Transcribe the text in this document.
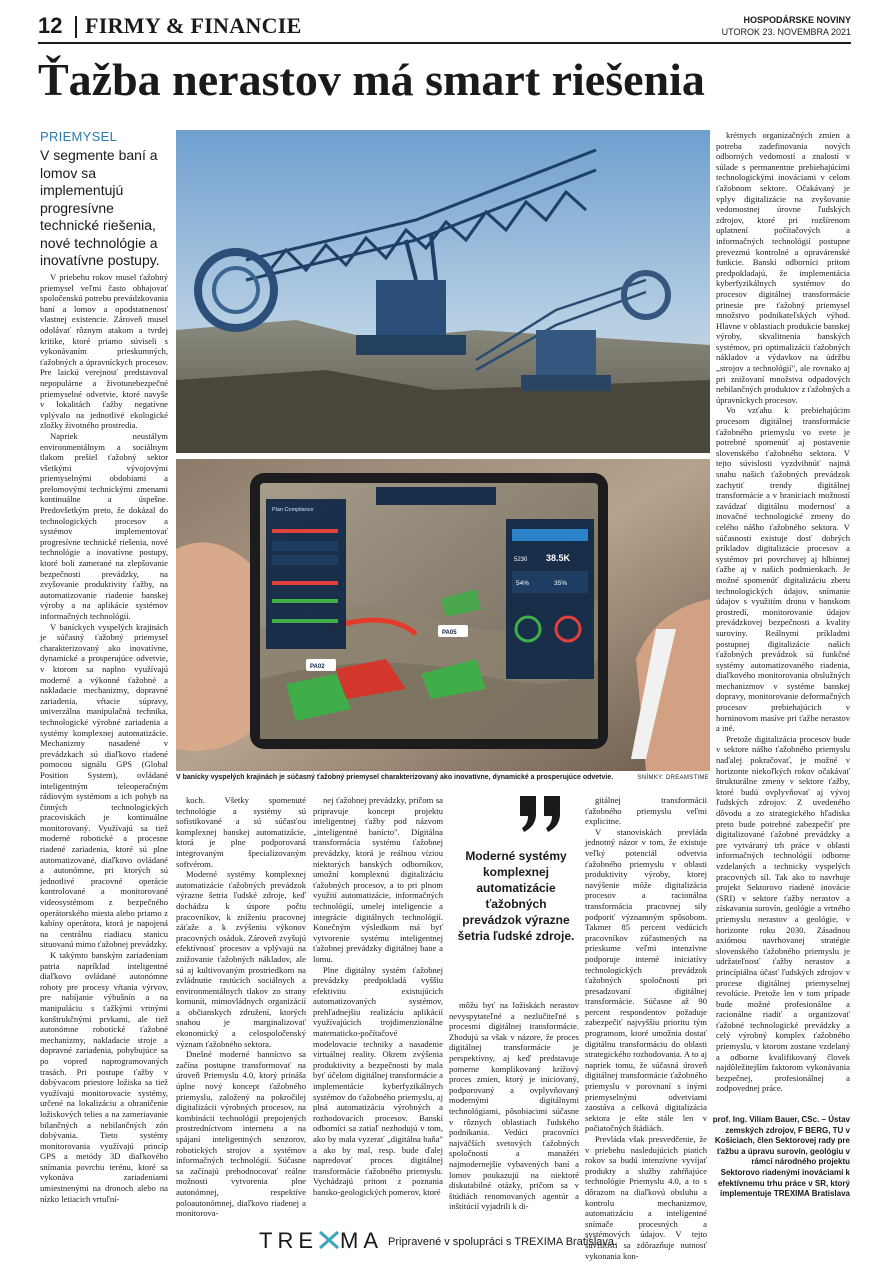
12 FIRMY & FINANCIE	HOSPODÁRSKE NOVINY
UTOROK 23. NOVEMBRA 2021
Ťažba nerastov má smart riešenia
PRIEMYSEL
V segmente baní a lomov sa implementujú progresívne technické riešenia, nové technológie a inovatívne postupy.

V priebehu rokov musel ťažobný priemysel veľmi často obhajovať spoločenskú potrebu prevádzkovania baní a lomov a opodstatnenosť vlastnej existencie. Zároveň musel odolávať rôznym atakom a tvrdej kritike, ktoré priamo súviseli s vykonávaním prieskumných, ťažobných a úpravníckych procesov. Pre laickú verejnosť predstavoval nepopulárne a životunebezpečné priemyselné odvetvie, ktoré navyše v lokalitách ťažby negatívne vplývalo na jednotlivé ekologické zložky životného prostredia.

Napriek neustálym environmentálnym a sociálnym tlakom prešiel ťažobný sektor všetkými vývojovými priemyselnými obdobiami a prelomovými technickými zmenami kontinuálne a úspešne. Predovšetkým preto, že dokázal do technologických procesov a systémov implementovať progresívne technické riešenia, nové technológie a inovatívne postupy, ktoré boli zamerané na zlepšovanie bezpečnosti prevádzky, na zvyšovanie produktivity ťažby, na automatizovanie riadenie banskej výroby a na aplikácie systémov informačných technológií.

V baníckych vyspelých krajinách je súčasný ťažobný priemysel charakterizovaný ako inovatívne, dynamické a prosperujúce odvetvie, v ktorom sa naplno využívajú moderné a výkonné ťažobné a nakladacie mechanizmy, dopravné zariadenia, vŕtacie súpravy, univerzálna manipulačná technika, technologické výrobné zariadenia a systémy komplexnej automatizácie. Mechanizmy nasadené v prevádzkach sú diaľkovo riadené pomocou signálu GPS (Global Position System), ovládané inteligentným teleoperačným rádiovým systémom a ich pohyb na činných technologických pracoviskách je kontinuálne monitorovaný. Využívajú sa tiež moderné robotické a procesne riadené zariadenia, ktoré sú plne automatizované, diaľkovo ovládané a autonómne, pri ktorých sú jednotlivé pracovné operácie kontrolované a monitorované videosystémom z bezpečného operátorského miesta alebo priamo z kabíny operátora, ktorá je napojená na centrálnu riadiacu stanicu situovanú mimo ťažobnej prevádzky.

K takýmto banským zariadeniam patria napríklad inteligentné diaľkovo ovládané autonómne roboty pre procesy vŕtania výrvov, pre nabíjanie výbušnín a na manipuláciu s ťažkými vrtnými konštrukčnými prvkami, ale tiež autonómne robotické ťažobné mechanizmy, nakladacie stroje a dopravné zariadenia, pohybujúce sa po vopred naprogramovaných trasách. Pri postupe ťažby v dobývacom priestore ložiska sa tiež využívajú monitorovacie systémy, určené na lokalizáciu a ohraničenie ložiskových telies a na zameriavanie bilančných a nebilančných zón dobývania. Tieto systémy monitorovania využívajú princíp GPS a metódy 3D diaľkového snímania povrchu terénu, ktoré sa vykonáva zariadeniami umiestnenými na dronoch alebo na nízko letiacich vrtuľní-

Plan Compliance
38.5K
5230
54%	35%
PA05
PA02
V banícky vyspelých krajinách je súčasný ťažobný priemysel charakterizovaný ako inovatívne, dynamické a prosperujúce odvetvie.	SNÍMKY: DREAMSTIME

koch. Všetky spomenuté technológie a systémy sú sofistikované a sú súčasťou komplexnej banskej automatizácie, ktorá je plne podporovaná integrovaným špecializovaným softvérom.

Moderné systémy komplexnej automatizácie ťažobných prevádzok výrazne šetria ľudské zdroje, keď dochádza k úspore počtu pracovníkov, k zníženiu pracovnej záťaže a k zvýšeniu výkonov pracovných osádok. Zároveň zvyšujú efektívnosť procesov a vplývajú na znižovanie ťažobných nákladov, ale sú aj kultivovaným prostriedkom na zvládnutie rastúcich sociálnych a environmentálnych tlakov zo strany komunít, mimovládnych organizácií a občianskych združení, ktorých snahou je marginalizovať ekonomický a celospoločenský význam ťažobného sektora.

Dnešné moderné banníctvo sa začína postupne transformovať na úroveň Priemyslu 4.0, ktorý prináša úplne nový koncept ťažobného priemyslu, založený na pokročilej digitalizácii výrobných procesov, na kombinácii technológií prepojených prostredníctvom internetu a na spájaní inteligentných senzorov, robotických strojov a systémov informačných technológií. Súčasne sa začínajú prehodnocovať reálne možnosti vytvorenia plne autonómnej, respektíve poloautonómnej, diaľkovo riadenej a monitorova-

nej ťažobnej prevádzky, pričom sa pripravuje koncept projektu inteligentnej ťažby pod názvom „inteligentné banícto". Digitálna transformácia systému ťažobnej prevádzky, ktorá je reálnou víziou niektorých banských odborníkov, umožní komplexnú digitalizáciu ťažobných procesov, a to pri plnom využití automatizácie, informačných technológií, umelej inteligencie a integrácie digitálnych technológií. Konečným výsledkom má byť vytvorenie systému inteligentnej ťažobnej prevádzky digitálnej bane a lomu.

Plne digitálny systém ťažobnej prevádzky predpokladá vyššiu efektivitu existujúcich automatizovaných systémov, prehľadnejšiu realizáciu aplikácií využívajúcich trojdimenzionálne matematicko-počítačové modelovacie techniky a nasadenie virtuálnej reality. Okrem zvýšenia produktivity a bezpečnosti by mala byť účelom digitálnej transformácie a implementácie kyberfyzikálnych systémov do ťažobného priemyslu, aj plná automatizácia výrobných a rozhodovacích procesov. Banskí odborníci sa zatiaľ nezhodujú v tom, ako by mala vyzerať „digitálna baňa" a ako by mal, resp. bude ďalej napredovať proces digitálnej transformácie ťažobného priemyslu. Vychádzajú pritom z poznania bansko-geologických pomerov, ktoré

Moderné systémy komplexnej automatizácie ťažobných prevádzok výrazne šetria ľudské zdroje.

môžu byť na ložiskách nerastov nevyspytateľné a nezlučiteľné s procesmi digitálnej transformácie. Zhodujú sa však v názore, že proces digitálnej transformácie je perspektívny, aj keď predstavuje pomerne komplikovaný krížový proces zmien, ktorý je iniciovaný, podporovaný a ovplyvňovaný modernými digitálnymi technológiami, pôsobiacimi súčasne v rôznych oblastiach ľudského podnikania. Vedúci pracovníci najväčších svetových ťažobných spoločností a manažéri najmodernejšie vybavených baní a lomov poukazujú na niektoré diskutabilné otázky, pričom sa v štúdiách renomovaných agentúr a inštitúcií vyjadrili k di-

gitálnej transformácii ťažobného priemyslu veľmi explicitne.

V stanoviskách prevláda jednotný názor v tom, že existuje veľký potenciál odvetvia ťažobného priemyslu v oblasti produktivity výroby, ktorej navýšenie môže digitalizácia procesov a racionálna transformácia pracovnej sily podporiť významným spôsobom. Takmer 85 percent vedúcich pracovníkov zúčastnených na prieskume veľmi intenzívne podporuje interné iniciatívy technologických prevádzok ťažobných spoločností pri presadzovaní digitálnej transformácie. Súčasne až 90 percent respondentov požaduje zabezpečiť najvyššiu prioritu tým programom, ktoré umožnia dostať digitálnu transformáciu do oblasti strategického rozhodovania. A to aj napriek tomu, že súčasná úroveň digitálnej transformácie ťažobného priemyslu v porovnaní s inými priemyselnými odvetviami zaostáva a celková digitalizácia sektora je ešte stále len v počiatočných štádiách.

Prevláda však presvedčenie, že v priebehu nasledujúcich piatich rokov sa budú intenzívne vyvíjať produkty a služby zahŕňajúce technológie Priemyslu 4.0, a to s dôrazom na diaľkovú obsluhu a kontrolu mechanizmov, automatizáciu a inteligentné snímače procesných a systémových údajov. V tejto súvislosti sa zdôrazňuje nutnosť vykonania kon-

krétnych organizačných zmien a potreba zadefinovania nových odborných vedomostí a znalostí v súlade s permanentne prebiehajúcimi technologickými inováciami v celom ťažobnom sektore. Očakávaný je vplyv digitalizácie na zvyšovanie vedomostnej úrovne ľudských zdrojov, ktoré pri rozšírenom uplatnení počítačových a informačných technológií postupne prevezmú kontrolné a opravárenské funkcie. Banskí odborníci pritom predpokladajú, že implementácia kyberfyzikálnych systémov do procesov digitálnej transformácie prinesie pre ťažobný priemysel množstvo podnikateľských výhod. Hlavne v oblastiach produkcie banskej výroby, skvalitnenia banských systémov, pri optimalizácii ťažobných nákladov a výdavkov na údržbu „strojov a technológií", ale rovnako aj pri znižovaní množstva odpadových nebilančných produktov z ťažobných a úpravníckych procesov.

Vo vzťahu k prebiehajúcim procesom digitálnej transformácie ťažobného priemyslu vo svete je potrebné spomenúť aj postavenie slovenského ťažobného sektora. V tejto súvislosti vyzdvihnúť najmä snahu našich ťažobných prevádzok zachytiť trendy digitálnej transformácie a v hraniciach možností zavádzať digitálnu modernosť a inovačné technologické zmeny do celého nášho ťažobného sektora. V súčasnosti existuje dosť dobrých príkladov digitalizácie procesov a systémov pri povrchovej aj hlbinnej ťažbe aj v našich podmienkach. Je možné spomenúť digitalizáciu zberu technologických údajov, snímanie údajov s využitím dronu v banskom prostredí, monitorovanie údajov prevádzkovej bezpečnosti a kvality suroviny. Reálnymi príkladmi postupnej digitalizácie našich ťažobných prevádzok sú funkčné systémy automatizovaného riadenia, diaľkového monitorovania obslužných mechanizmov v systéme banskej dopravy, monitorovanie deformačných procesov prebiehajúcich v horninovom masíve pri ťažbe nerastov a iné.

Pretože digitalizácia procesov bude v sektore nášho ťažobného priemyslu naďalej pokračovať, je možné v horizonte niekoľkých rokov očakávať štrukturálne zmeny v sektore ťažby, ktoré budú ovplyvňovať aj vývoj ľudských zdrojov. Z uvedeného dôvodu a zo strategického hľadiska preto bude potrebné zabezpečiť pre digitalizované ťažobné prevádzky a pre vytváraný trh práce v oblasti informačných technológií odborne vzdelaných a technicky vyspelých pracovných síl. Tak ako to navrhuje projekt Sektorovo riadené inovácie (SRI) v sektore ťažby nerastov a získavania surovín, geológie a vrtného priemyslu nerastov a geológie, v horizonte roku 2030. Zásadnou axiómou navrhovanej stratégie slovenského ťažobného priemyslu je udržateľnosť ťažby nerastov a princípiálna účasť ľudských zdrojov v procese digitálnej priemyselnej revolúcie. Pretože len v tom prípade bude možné profesionálne a racionálne riadiť a organizovať ťažobné technologické prevádzky a celý výrobný komplex ťažobného priemyslu, v ktorom zostane vzdelaný a odborne kvalifikovaný človek najdôležitejším faktorom vykonávania bezpečnej, profesionálnej a zodpovednej práce.

prof. Ing. Viliam Bauer, CSc. – Ústav zemských zdrojov, F BERG, TU v Košiciach, člen Sektorovej rady pre ťažbu a úpravu surovín, geológiu v rámci národného projektu Sektorovo riadenými inováciami k efektívnemu trhu práce v SR, ktorý implementuje TREXIMA Bratislava
TRE MA Pripravené v spolupráci s TREXIMA Bratislava.
